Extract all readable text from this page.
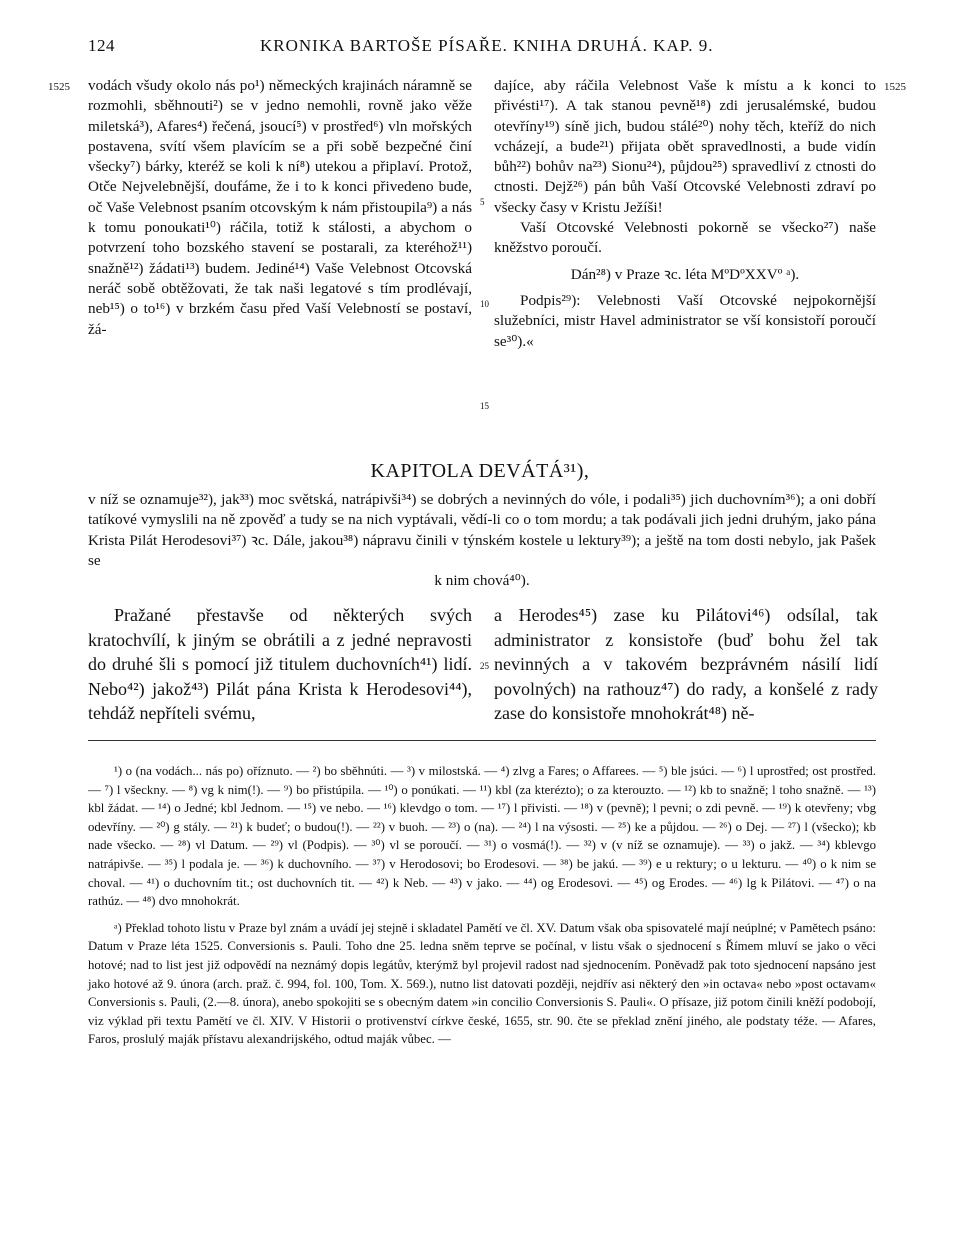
124	KRONIKA BARTOŠE PÍSAŘE. KNIHA DRUHÁ. KAP. 9.
1525	1525

vodách všudy okolo nás po¹) německých krajinách náramně se rozmohli, sběhnouti²) se v jedno nemohli, rovně jako věže miletská³), Afares⁴) řečená, jsoucí⁵) v prostřed⁶) vln mořských postavena, svítí všem plavícím se a při sobě bezpečné činí všecky⁷) bárky, kteréž se koli k ní⁸) utekou a připlaví. Protož, Otče Nejvelebnější, doufáme, že i to k konci přivedeno bude, oč Vaše Velebnost psaním otcovským k nám přistoupila⁹) a nás k tomu ponoukati¹⁰) ráčila, totiž k stálosti, a abychom o potvrzení toho bozského stavení se postarali, za kteréhož¹¹) snažně¹²) žádati¹³) budem. Jediné¹⁴) Vaše Velebnost Otcovská neráč sobě obtěžovati, že tak naši legatové s tím prodlévají, neb¹⁵) o to¹⁶) v brzkém času před Vaší Velebností se postaví, žá-

5
10
15
25

dajíce, aby ráčila Velebnost Vaše k místu a k konci to přivésti¹⁷). A tak stanou pevně¹⁸) zdi jerusalémské, budou otevříny¹⁹) síně jich, budou stálé²⁰) nohy těch, kteříž do nich vcházejí, a bude²¹) přijata obět spravedlnosti, a bude vidín bůh²²) bohův na²³) Sionu²⁴), půjdou²⁵) spravedliví z ctnosti do ctnosti. Dejž²⁶) pán bůh Vaší Otcovské Velebnosti zdraví po všecky časy v Kristu Ježíši!

Vaší Otcovské Velebnosti pokorně se všecko²⁷) naše kněžstvo poroučí.

Dán²⁸) v Praze ꝛc. léta MºDºXXVº ᵃ).

Podpis²⁹): Velebnosti Vaší Otcovské nejpokornější služebníci, mistr Havel administrator se vší konsistoří poroučí se³⁰).«

KAPITOLA DEVÁTÁ³¹),
v níž se oznamuje³²), jak³³) moc světská, natrápivši³⁴) se dobrých a nevinných do vóle, i podali³⁵) jich duchovním³⁶); a oni dobří tatíkové vymyslili na ně zpověď a tudy se na nich vyptávali, vědí-li co o tom mordu; a tak podávali jich jedni druhým, jako pána Krista Pilát Herodesovi³⁷) ꝛc. Dále, jakou³⁸) nápravu činili v týnském kostele u lektury³⁹); a ještě na tom dosti nebylo, jak Pašek se
k nim chová⁴⁰).

Pražané přestavše od některých svých kratochvílí, k jiným se obrátili a z jedné nepravosti do druhé šli s pomocí již titulem duchovních⁴¹) lidí. Nebo⁴²) jakož⁴³) Pilát pána Krista k Herodesovi⁴⁴), tehdáž nepříteli svému,

a Herodes⁴⁵) zase ku Pilátovi⁴⁶) odsílal, tak administrator z konsistoře (buď bohu žel tak nevinných a v takovém bezprávném násilí lidí povolných) na rathouz⁴⁷) do rady, a konšelé z rady zase do konsistoře mnohokrát⁴⁸) ně-

¹) o (na vodách... nás po) oříznuto. — ²) bo sběhnúti. — ³) v milostská. — ⁴) zlvg a Fares; o Affarees. — ⁵) ble jsúci. — ⁶) l uprostřed; ost prostřed. — ⁷) l všeckny. — ⁸) vg k nim(!). — ⁹) bo přistúpila. — ¹⁰) o ponúkati. — ¹¹) kbl (za kterézto); o za kterouzto. — ¹²) kb to snažně; l toho snažně. — ¹³) kbl žádat. — ¹⁴) o Jedné; kbl Jednom. — ¹⁵) ve nebo. — ¹⁶) klevdgo o tom. — ¹⁷) l přivisti. — ¹⁸) v (pevně); l pevni; o zdi pevně. — ¹⁹) k otevřeny; vbg odevříny. — ²⁰) g stály. — ²¹) k budeť; o budou(!). — ²²) v buoh. — ²³) o (na). — ²⁴) l na výsosti. — ²⁵) ke a půjdou. — ²⁶) o Dej. — ²⁷) l (všecko); kb nade všecko. — ²⁸) vl Datum. — ²⁹) vl (Podpis). — ³⁰) vl se poroučí. — ³¹) o vosmá(!). — ³²) v (v níž se oznamuje). — ³³) o jakž. — ³⁴) kblevgo natrápivše. — ³⁵) l podala je. — ³⁶) k duchovního. — ³⁷) v Herodosovi; bo Erodesovi. — ³⁸) be jakú. — ³⁹) e u rektury; o u lekturu. — ⁴⁰) o k nim se choval. — ⁴¹) o duchovním tit.; ost duchovních tit. — ⁴²) k Neb. — ⁴³) v jako. — ⁴⁴) og Erodesovi. — ⁴⁵) og Erodes. — ⁴⁶) lg k Pilátovi. — ⁴⁷) o na rathúz. — ⁴⁸) dvo mnohokrát.

ᵃ) Překlad tohoto listu v Praze byl znám a uvádí jej stejně i skladatel Pamětí ve čl. XV. Datum však oba spisovatelé mají neúplné; v Pamětech psáno: Datum v Praze léta 1525. Conversionis s. Pauli. Toho dne 25. ledna sněm teprve se počínal, v listu však o sjednocení s Římem mluví se jako o věci hotové; nad to list jest již odpovědí na neznámý dopis legátův, kterýmž byl projevil radost nad sjednocením. Poněvadž pak toto sjednocení napsáno jest jako hotové až 9. února (arch. praž. č. 994, fol. 100, Tom. X. 569.), nutno list datovati později, nejdřív asi některý den »in octava« nebo »post octavam« Conversionis s. Pauli, (2.—8. února), anebo spokojiti se s obecným datem »in concilio Conversionis S. Pauli«. O přísaze, již potom činili kněží podobojí, viz výklad při textu Pamětí ve čl. XIV. V Historii o protivenství církve české, 1655, str. 90. čte se překlad znění jiného, ale podstaty téže. — Afares, Faros, proslulý maják přístavu alexandrijského, odtud maják vůbec. —
